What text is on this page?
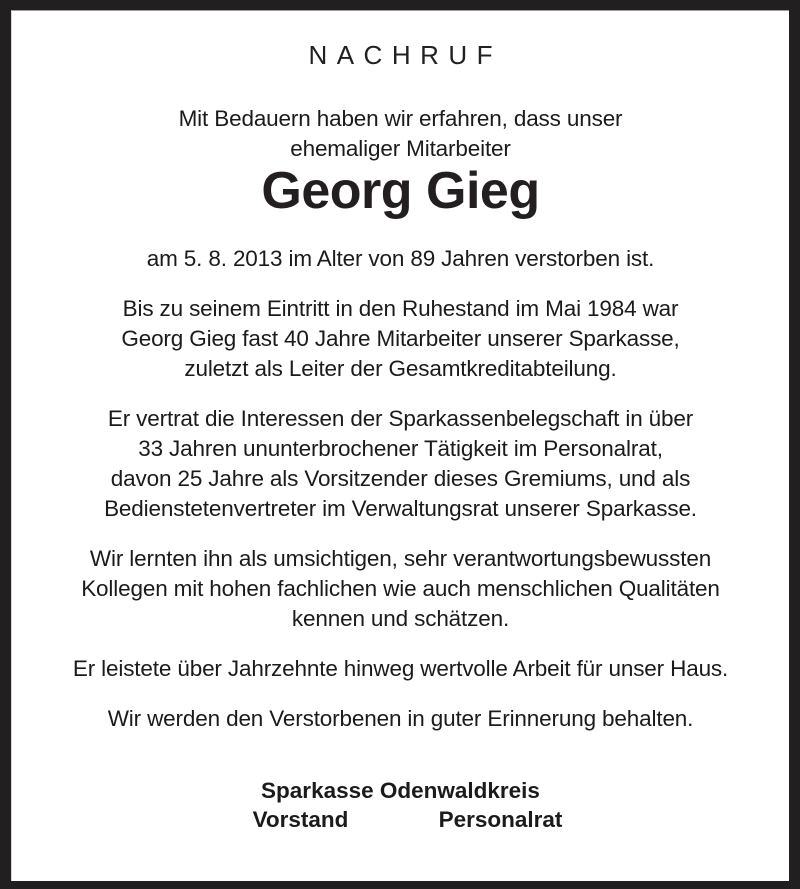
NACHRUF

Mit Bedauern haben wir erfahren, dass unser
ehemaliger Mitarbeiter

Georg Gieg

am 5. 8. 2013 im Alter von 89 Jahren verstorben ist.

Bis zu seinem Eintritt in den Ruhestand im Mai 1984 war
Georg Gieg fast 40 Jahre Mitarbeiter unserer Sparkasse,
zuletzt als Leiter der Gesamtkreditabteilung.

Er vertrat die Interessen der Sparkassenbelegschaft in über
33 Jahren ununterbrochener Tätigkeit im Personalrat,
davon 25 Jahre als Vorsitzender dieses Gremiums, und als
Bedienstetenvertreter im Verwaltungsrat unserer Sparkasse.

Wir lernten ihn als umsichtigen, sehr verantwortungsbewussten
Kollegen mit hohen fachlichen wie auch menschlichen Qualitäten
kennen und schätzen.

Er leistete über Jahrzehnte hinweg wertvolle Arbeit für unser Haus.

Wir werden den Verstorbenen in guter Erinnerung behalten.

Sparkasse Odenwaldkreis
Vorstand	Personalrat
